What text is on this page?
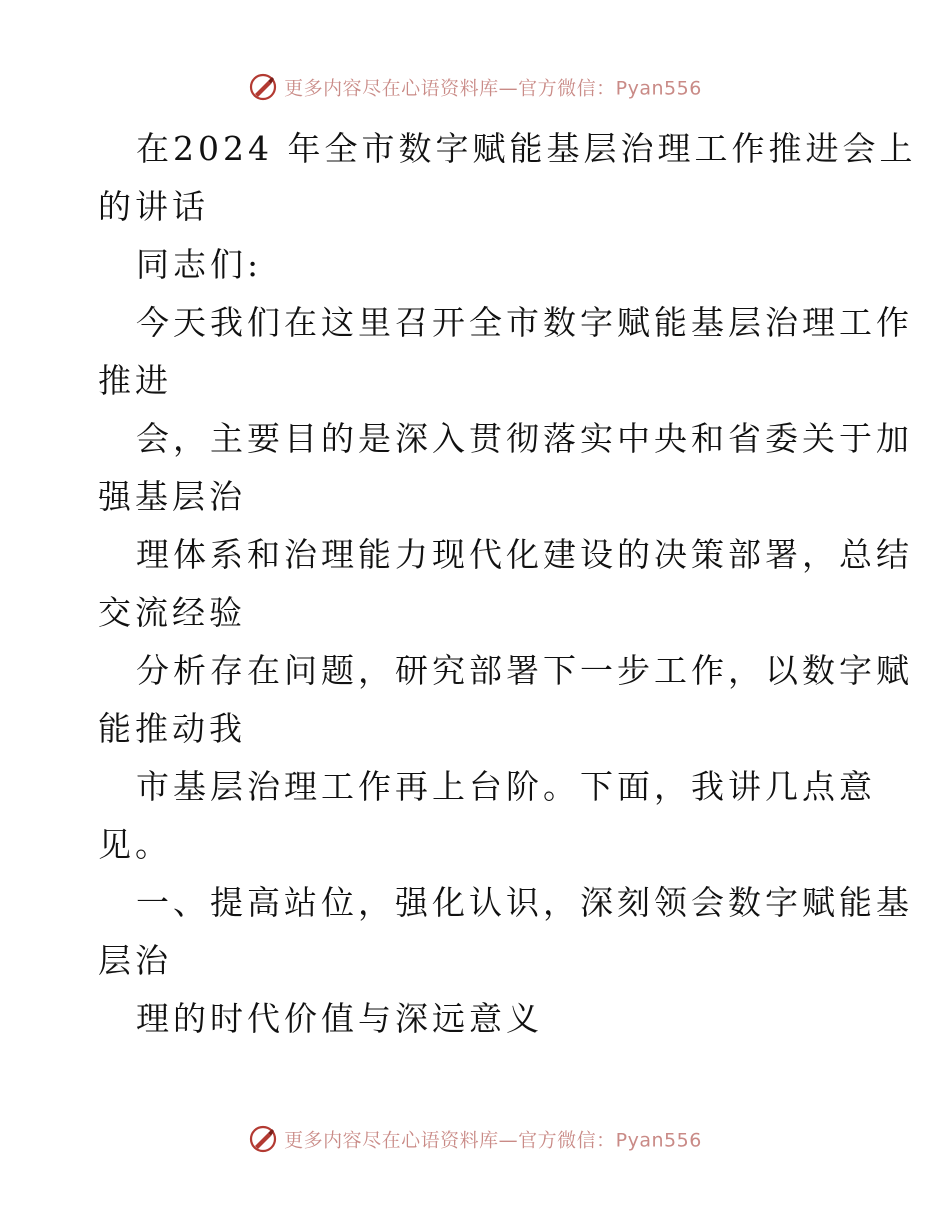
更多内容尽在心语资料库—官方微信：Pyan556

在2024 年全市数字赋能基层治理工作推进会上

的讲话

同志们:

今天我们在这里召开全市数字赋能基层治理工作

推进

会，主要目的是深入贯彻落实中央和省委关于加

强基层治

理体系和治理能力现代化建设的决策部署，总结

交流经验

分析存在问题，研究部署下一步工作，以数字赋

能推动我

市基层治理工作再上台阶。下面，我讲几点意

见。

一、提高站位，强化认识，深刻领会数字赋能基

层治

理的时代价值与深远意义

更多内容尽在心语资料库—官方微信：Pyan556
